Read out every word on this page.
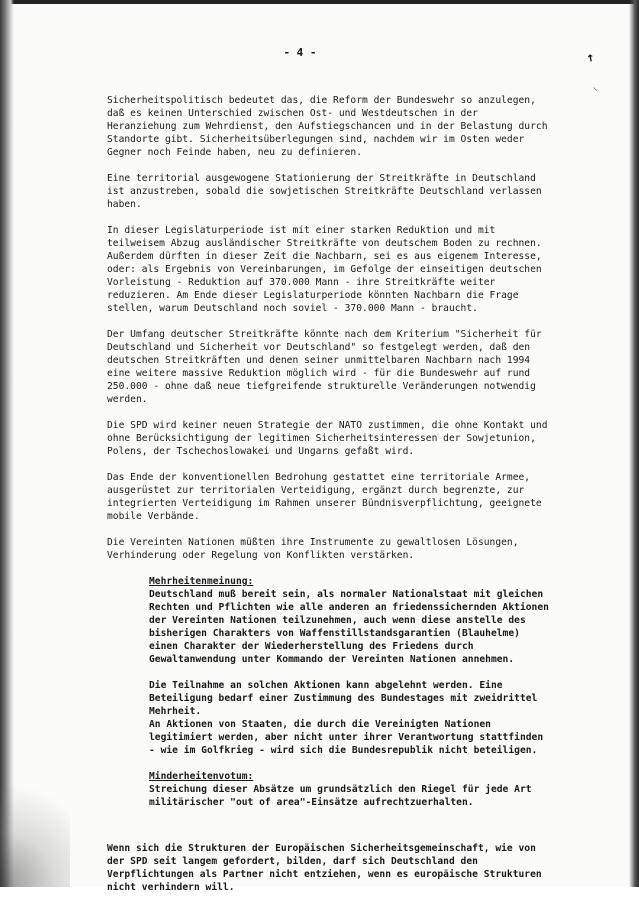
- 4 -	↖
⸜

Sicherheitspolitisch bedeutet das, die Reform der Bundeswehr so anzulegen,
daß es keinen Unterschied zwischen Ost- und Westdeutschen in der
Heranziehung zum Wehrdienst, den Aufstiegschancen und in der Belastung durch
Standorte gibt. Sicherheitsüberlegungen sind, nachdem wir im Osten weder
Gegner noch Feinde haben, neu zu definieren.

Eine territorial ausgewogene Stationierung der Streitkräfte in Deutschland
ist anzustreben, sobald die sowjetischen Streitkräfte Deutschland verlassen
haben.

In dieser Legislaturperiode ist mit einer starken Reduktion und mit
teilweisem Abzug ausländischer Streitkräfte von deutschem Boden zu rechnen.
Außerdem dürften in dieser Zeit die Nachbarn, sei es aus eigenem Interesse,
oder: als Ergebnis von Vereinbarungen, im Gefolge der einseitigen deutschen
Vorleistung - Reduktion auf 370.000 Mann - ihre Streitkräfte weiter
reduzieren. Am Ende dieser Legislaturperiode könnten Nachbarn die Frage
stellen, warum Deutschland noch soviel - 370.000 Mann - braucht.

Der Umfang deutscher Streitkräfte könnte nach dem Kriterium "Sicherheit für
Deutschland und Sicherheit vor Deutschland" so festgelegt werden, daß den
deutschen Streitkräften und denen seiner unmittelbaren Nachbarn nach 1994
eine weitere massive Reduktion möglich wird - für die Bundeswehr auf rund
250.000 - ohne daß neue tiefgreifende strukturelle Veränderungen notwendig
werden.

Die SPD wird keiner neuen Strategie der NATO zustimmen, die ohne Kontakt und
ohne Berücksichtigung der legitimen Sicherheitsinteressen der Sowjetunion,
Polens, der Tschechoslowakei und Ungarns gefaßt wird.

Das Ende der konventionellen Bedrohung gestattet eine territoriale Armee,
ausgerüstet zur territorialen Verteidigung, ergänzt durch begrenzte, zur
integrierten Verteidigung im Rahmen unserer Bündnisverpflichtung, geeignete
mobile Verbände.

Die Vereinten Nationen müßten ihre Instrumente zu gewaltlosen Lösungen,
Verhinderung oder Regelung von Konflikten verstärken.

Mehrheitenmeinung:

Deutschland muß bereit sein, als normaler Nationalstaat mit gleichen
Rechten und Pflichten wie alle anderen an friedenssichernden Aktionen
der Vereinten Nationen teilzunehmen, auch wenn diese anstelle des
bisherigen Charakters von Waffenstillstandsgarantien (Blauhelme)
einen Charakter der Wiederherstellung des Friedens durch
Gewaltanwendung unter Kommando der Vereinten Nationen annehmen.

Die Teilnahme an solchen Aktionen kann abgelehnt werden. Eine
Beteiligung bedarf einer Zustimmung des Bundestages mit zweidrittel
Mehrheit.

An Aktionen von Staaten, die durch die Vereinigten Nationen
legitimiert werden, aber nicht unter ihrer Verantwortung stattfinden
- wie im Golfkrieg - wird sich die Bundesrepublik nicht beteiligen.

Minderheitenvotum:

Streichung dieser Absätze um grundsätzlich den Riegel für jede Art
militärischer "out of area"-Einsätze aufrechtzuerhalten.

Wenn sich die Strukturen der Europäischen Sicherheitsgemeinschaft, wie von
der SPD seit langem gefordert, bilden, darf sich Deutschland den
Verpflichtungen als Partner nicht entziehen, wenn es europäische Strukturen
nicht verhindern will.
